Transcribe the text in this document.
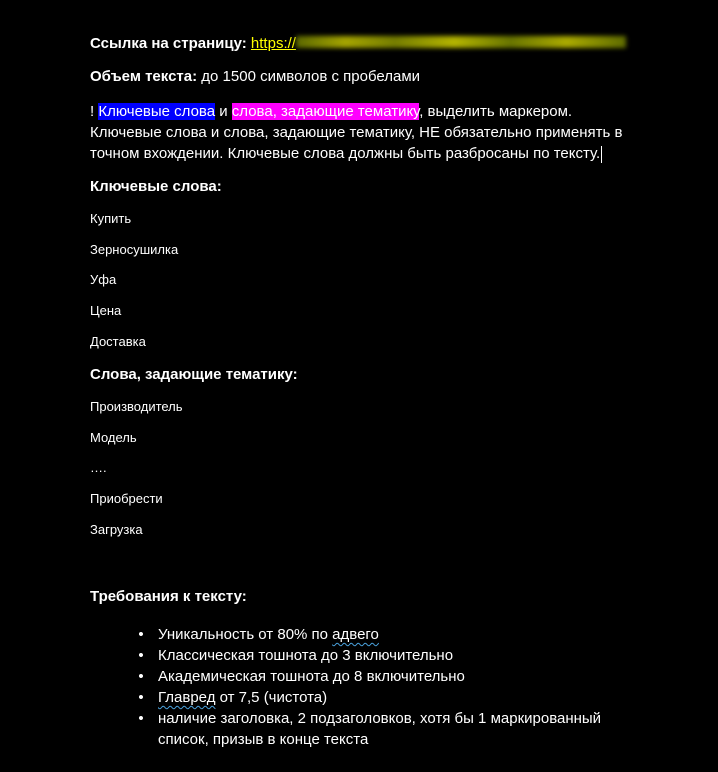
Ссылка на страницу: https://
Объем текста: до 1500 символов с пробелами
! Ключевые слова и слова, задающие тематику, выделить маркером.
Ключевые слова и слова, задающие тематику, НЕ обязательно применять в
точном вхождении. Ключевые слова должны быть разбросаны по тексту.
Ключевые слова:
Купить
Зерносушилка
Уфа
Цена
Доставка
Слова, задающие тематику:
Производитель
Модель
….
Приобрести
Загрузка
Требования к тексту:
• Уникальность от 80% по адвего
• Классическая тошнота до 3 включительно
• Академическая тошнота до 8 включительно
• Главред от 7,5 (чистота)
• наличие заголовка, 2 подзаголовков, хотя бы 1 маркированный
список, призыв в конце текста
